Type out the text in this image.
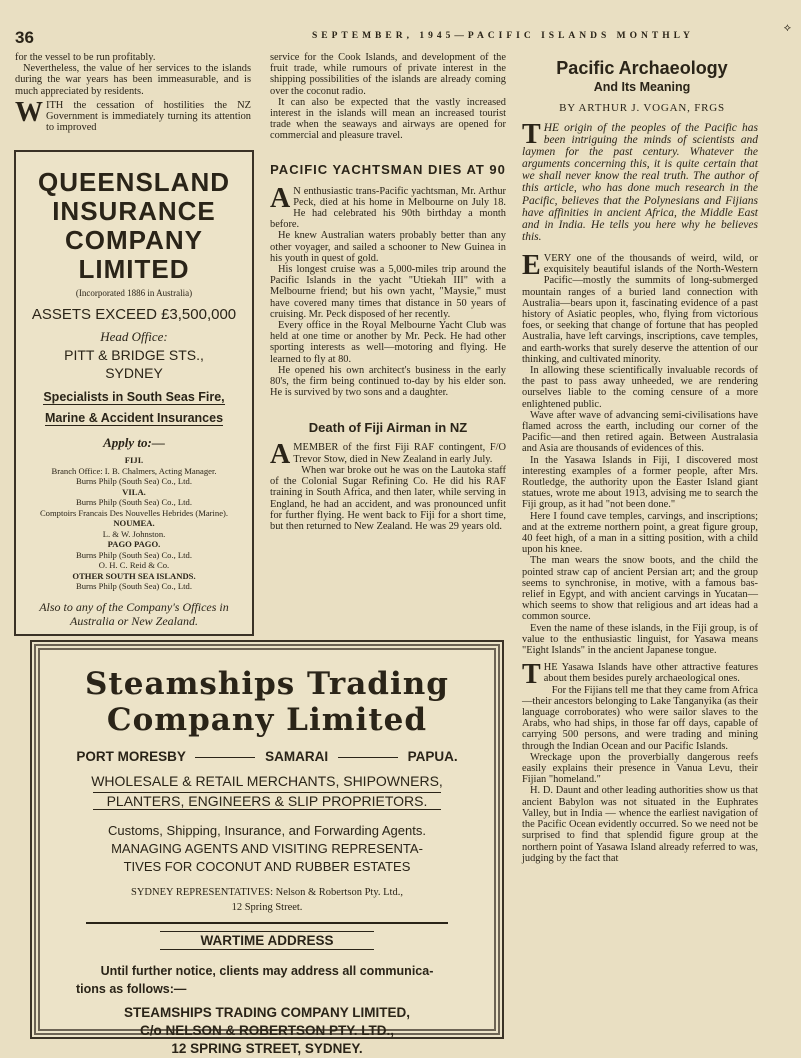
36	SEPTEMBER, 1945—PACIFIC ISLANDS MONTHLY
⟡

for the vessel to be run profitably.

Nevertheless, the value of her services to the islands during the war years has been immeasurable, and is much appreciated by residents.

WITH the cessation of hostilities the NZ Government is immediately turning its attention to improved

QUEENSLAND
INSURANCE
COMPANY
LIMITED
(Incorporated 1886 in Australia)
ASSETS EXCEED £3,500,000
Head Office:
PITT & BRIDGE STS.,
SYDNEY
Specialists in South Seas Fire,
Marine & Accident Insurances
Apply to:—
FIJI.
Branch Office: I. B. Chalmers, Acting Manager.
Burns Philp (South Sea) Co., Ltd.
VILA.
Burns Philp (South Sea) Co., Ltd.
Comptoirs Francais Des Nouvelles Hebrides (Marine).
NOUMEA.
L. & W. Johnston.
PAGO PAGO.
Burns Philp (South Sea) Co., Ltd.
O. H. C. Reid & Co.
OTHER SOUTH SEA ISLANDS.
Burns Philp (South Sea) Co., Ltd.
Also to any of the Company's Offices in Australia or New Zealand.

service for the Cook Islands, and development of the fruit trade, while rumours of private interest in the shipping possibilities of the islands are already coming over the coconut radio.

It can also be expected that the vastly increased interest in the islands will mean an increased tourist trade when the seaways and airways are opened for commercial and pleasure travel.

PACIFIC YACHTSMAN DIES AT 90

A N enthusiastic trans-Pacific yachtsman, Mr. Arthur Peck, died at his home in Melbourne on July 18. He had celebrated his 90th birthday a month before.

He knew Australian waters probably better than any other voyager, and sailed a schooner to New Guinea in his youth in quest of gold.

His longest cruise was a 5,000-miles trip around the Pacific Islands in the yacht "Utiekah III" with a Melbourne friend; but his own yacht, "Maysie," must have covered many times that distance in 50 years of cruising. Mr. Peck disposed of her recently.

Every office in the Royal Melbourne Yacht Club was held at one time or another by Mr. Peck. He had other sporting interests as well—motoring and flying. He learned to fly at 80.

He opened his own architect's business in the early 80's, the firm being continued to-day by his elder son. He is survived by two sons and a daughter.

Death of Fiji Airman in NZ

AMEMBER of the first Fiji RAF contingent, F/O Trevor Stow, died in New Zealand in early July.

When war broke out he was on the Lautoka staff of the Colonial Sugar Refining Co. He did his RAF training in South Africa, and then later, while serving in England, he had an accident, and was pronounced unfit for further flying. He went back to Fiji for a short time, but then returned to New Zealand. He was 29 years old.

Steamships Trading
Company Limited
PORT MORESBY	SAMARAI	PAPUA.
WHOLESALE & RETAIL MERCHANTS, SHIPOWNERS,
PLANTERS, ENGINEERS & SLIP PROPRIETORS.
Customs, Shipping, Insurance, and Forwarding Agents.
MANAGING AGENTS AND VISITING REPRESENTA-
TIVES FOR COCONUT AND RUBBER ESTATES
SYDNEY REPRESENTATIVES: Nelson & Robertson Pty. Ltd.,
12 Spring Street.
WARTIME ADDRESS
Until further notice, clients may address all communica-
tions as follows:—
STEAMSHIPS TRADING COMPANY LIMITED,
C/o NELSON & ROBERTSON PTY. LTD.,
12 SPRING STREET, SYDNEY.
Pacific Archaeology
And Its Meaning
BY ARTHUR J. VOGAN, FRGS
THE origin of the peoples of the Pacific has been intriguing the minds of scientists and laymen for the past century. Whatever the arguments concerning this, it is quite certain that we shall never know the real truth. The author of this article, who has done much research in the Pacific, believes that the Polynesians and Fijians have affinities in ancient Africa, the Middle East and in India. He tells you here why he believes this.

EVERY one of the thousands of weird, wild, or exquisitely beautiful islands of the North-Western Pacific—mostly the summits of long-submerged mountain ranges of a buried land connection with Australia—bears upon it, fascinating evidence of a past history of Asiatic peoples, who, flying from victorious foes, or seeking that change of fortune that has peopled Australia, have left carvings, inscriptions, cave temples, and earth-works that surely deserve the attention of our thinking, and cultivated minority.

In allowing these scientifically invaluable records of the past to pass away unheeded, we are rendering ourselves liable to the coming censure of a more enlightened public.

Wave after wave of advancing semi-civilisations have flamed across the earth, including our corner of the Pacific—and then retired again. Between Australasia and Asia are thousands of evidences of this.

In the Yasawa Islands in Fiji, I discovered most interesting examples of a former people, after Mrs. Routledge, the authority upon the Easter Island giant statues, wrote me about 1913, advising me to search the Fiji group, as it had "not been done."

Here I found cave temples, carvings, and inscriptions; and at the extreme northern point, a great figure group, 40 feet high, of a man in a sitting position, with a child upon his knee.

The man wears the snow boots, and the child the pointed straw cap of ancient Persian art; and the group seems to synchronise, in motive, with a famous bas-relief in Egypt, and with ancient carvings in Yucatan—which seems to show that religious and art ideas had a common source.

Even the name of these islands, in the Fiji group, is of value to the enthusiastic linguist, for Yasawa means "Eight Islands" in the ancient Japanese tongue.

THE Yasawa Islands have other attractive features about them besides purely archaeological ones.

For the Fijians tell me that they came from Africa—their ancestors belonging to Lake Tanganyika (as their language corroborates) who were sailor slaves to the Arabs, who had ships, in those far off days, capable of carrying 500 persons, and were trading and mining through the Indian Ocean and our Pacific Islands.

Wreckage upon the proverbially dangerous reefs easily explains their presence in Vanua Levu, their Fijian "homeland."

H. D. Daunt and other leading authorities show us that ancient Babylon was not situated in the Euphrates Valley, but in India — whence the earliest navigation of the Pacific Ocean evidently occurred. So we need not be surprised to find that splendid figure group at the northern point of Yasawa Island already referred to was, judging by the fact that
